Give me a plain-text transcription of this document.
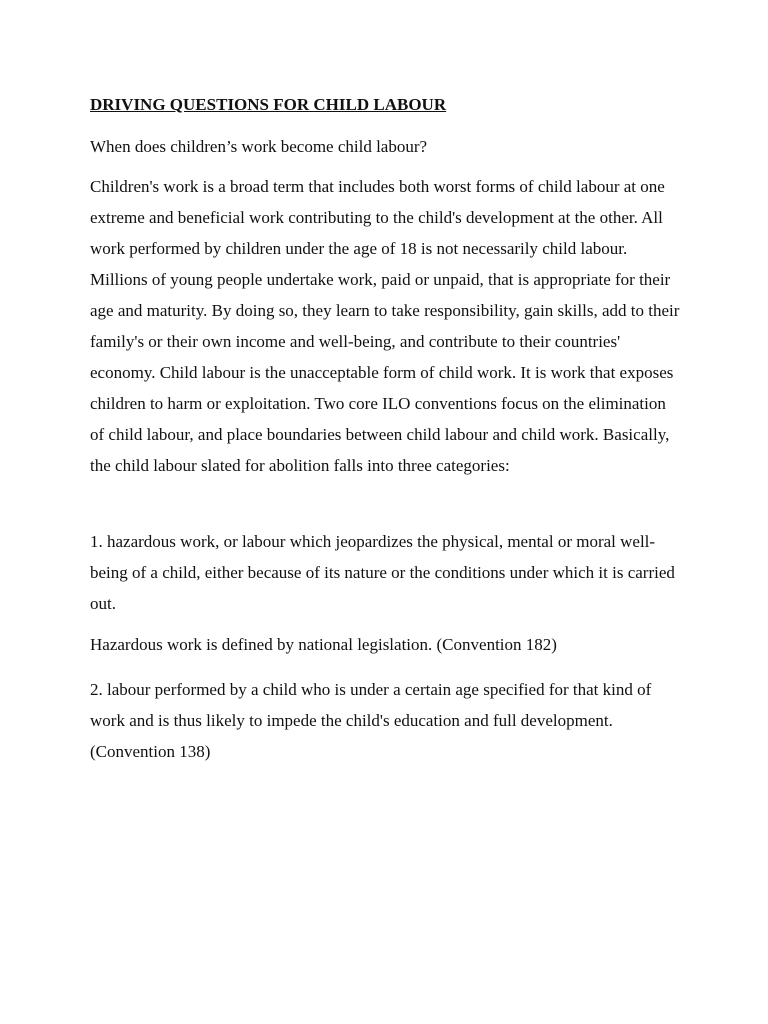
DRIVING QUESTIONS FOR CHILD LABOUR

When does children’s work become child labour?

Children's work is a broad term that includes both worst forms of child labour at one extreme and beneficial work contributing to the child's development at the other. All work performed by children under the age of 18 is not necessarily child labour. Millions of young people undertake work, paid or unpaid, that is appropriate for their age and maturity. By doing so, they learn to take responsibility, gain skills, add to their family's or their own income and well-being, and contribute to their countries' economy. Child labour is the unacceptable form of child work. It is work that exposes children to harm or exploitation. Two core ILO conventions focus on the elimination of child labour, and place boundaries between child labour and child work. Basically, the child labour slated for abolition falls into three categories:

1. hazardous work, or labour which jeopardizes the physical, mental or moral well-being of a child, either because of its nature or the conditions under which it is carried out.

Hazardous work is defined by national legislation. (Convention 182)

2. labour performed by a child who is under a certain age specified for that kind of work and is thus likely to impede the child's education and full development. (Convention 138)
